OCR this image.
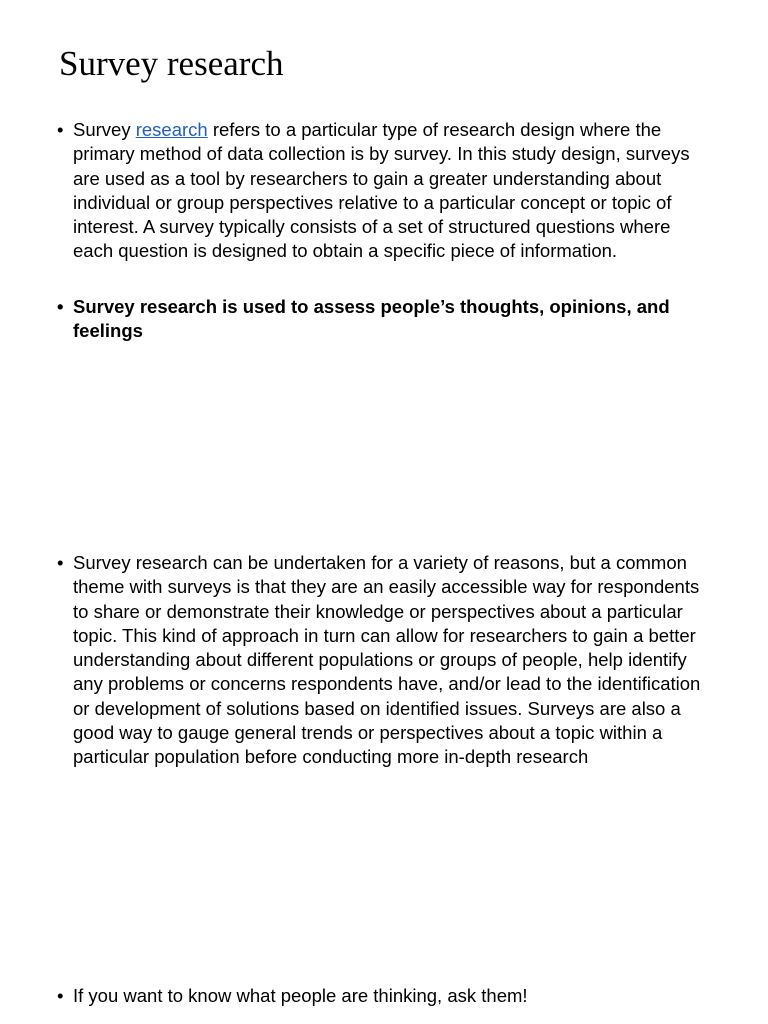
Survey research
• Survey research refers to a particular type of research design where the primary method of data collection is by survey. In this study design, surveys are used as a tool by researchers to gain a greater understanding about individual or group perspectives relative to a particular concept or topic of interest. A survey typically consists of a set of structured questions where each question is designed to obtain a specific piece of information.
• Survey research is used to assess people’s thoughts, opinions, and feelings
• Survey research can be undertaken for a variety of reasons, but a common theme with surveys is that they are an easily accessible way for respondents to share or demonstrate their knowledge or perspectives about a particular topic. This kind of approach in turn can allow for researchers to gain a better understanding about different populations or groups of people, help identify any problems or concerns respondents have, and/or lead to the identification or development of solutions based on identified issues. Surveys are also a good way to gauge general trends or perspectives about a topic within a particular population before conducting more in-depth research
• If you want to know what people are thinking, ask them!
